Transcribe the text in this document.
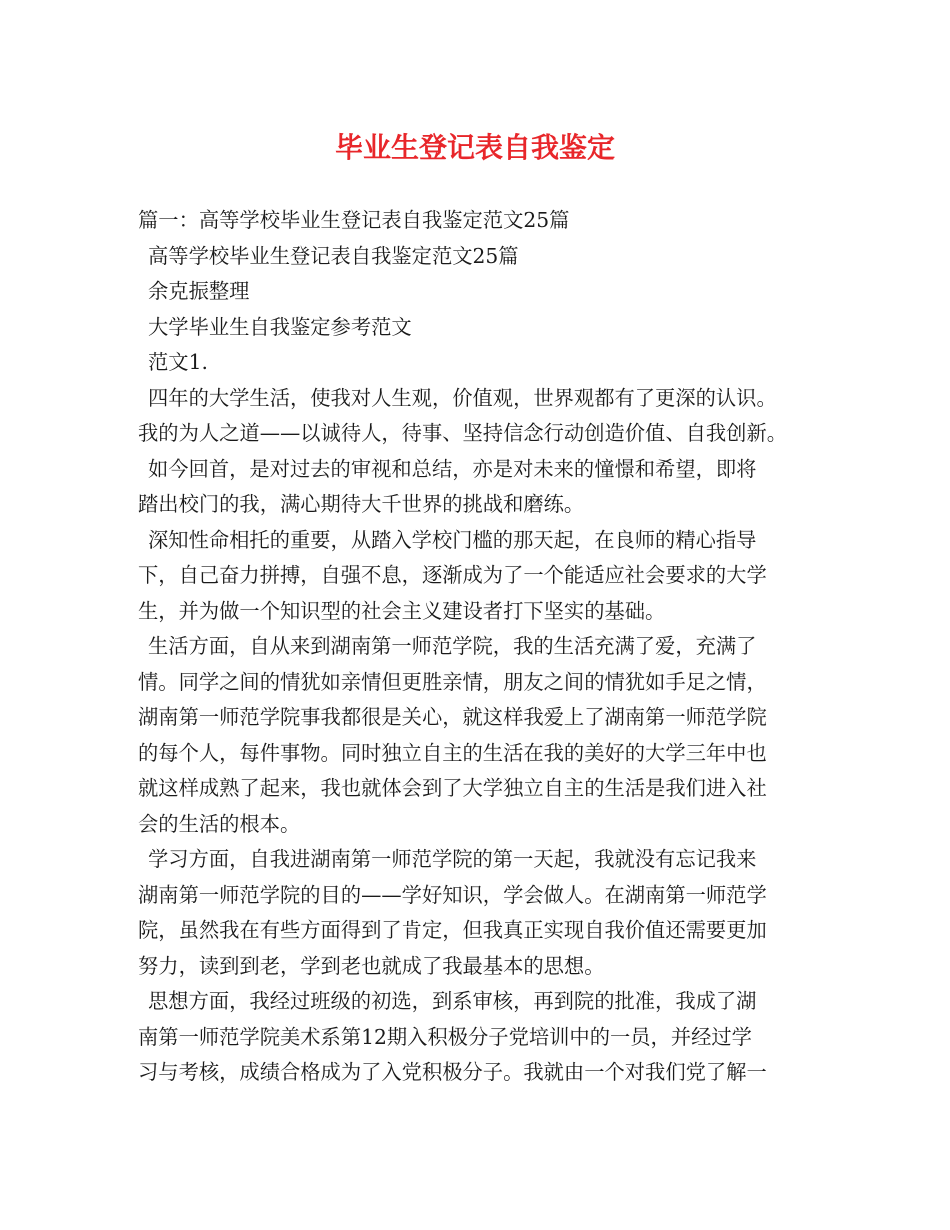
毕业生登记表自我鉴定

篇一：高等学校毕业生登记表自我鉴定范文25篇

高等学校毕业生登记表自我鉴定范文25篇

余克振整理

大学毕业生自我鉴定参考范文

范文1.

四年的大学生活，使我对人生观，价值观，世界观都有了更深的认识。

我的为人之道——以诚待人，待事、坚持信念行动创造价值、自我创新。

如今回首，是对过去的审视和总结，亦是对未来的憧憬和希望，即将

踏出校门的我，满心期待大千世界的挑战和磨练。

深知性命相托的重要，从踏入学校门槛的那天起，在良师的精心指导

下，自己奋力拼搏，自强不息，逐渐成为了一个能适应社会要求的大学

生，并为做一个知识型的社会主义建设者打下坚实的基础。

生活方面，自从来到湖南第一师范学院，我的生活充满了爱，充满了

情。同学之间的情犹如亲情但更胜亲情，朋友之间的情犹如手足之情，

湖南第一师范学院事我都很是关心，就这样我爱上了湖南第一师范学院

的每个人，每件事物。同时独立自主的生活在我的美好的大学三年中也

就这样成熟了起来，我也就体会到了大学独立自主的生活是我们进入社

会的生活的根本。

学习方面，自我进湖南第一师范学院的第一天起，我就没有忘记我来

湖南第一师范学院的目的——学好知识，学会做人。在湖南第一师范学

院，虽然我在有些方面得到了肯定，但我真正实现自我价值还需要更加

努力，读到到老，学到老也就成了我最基本的思想。

思想方面，我经过班级的初选，到系审核，再到院的批准，我成了湖

南第一师范学院美术系第12期入积极分子党培训中的一员，并经过学

习与考核，成绩合格成为了入党积极分子。我就由一个对我们党了解一
